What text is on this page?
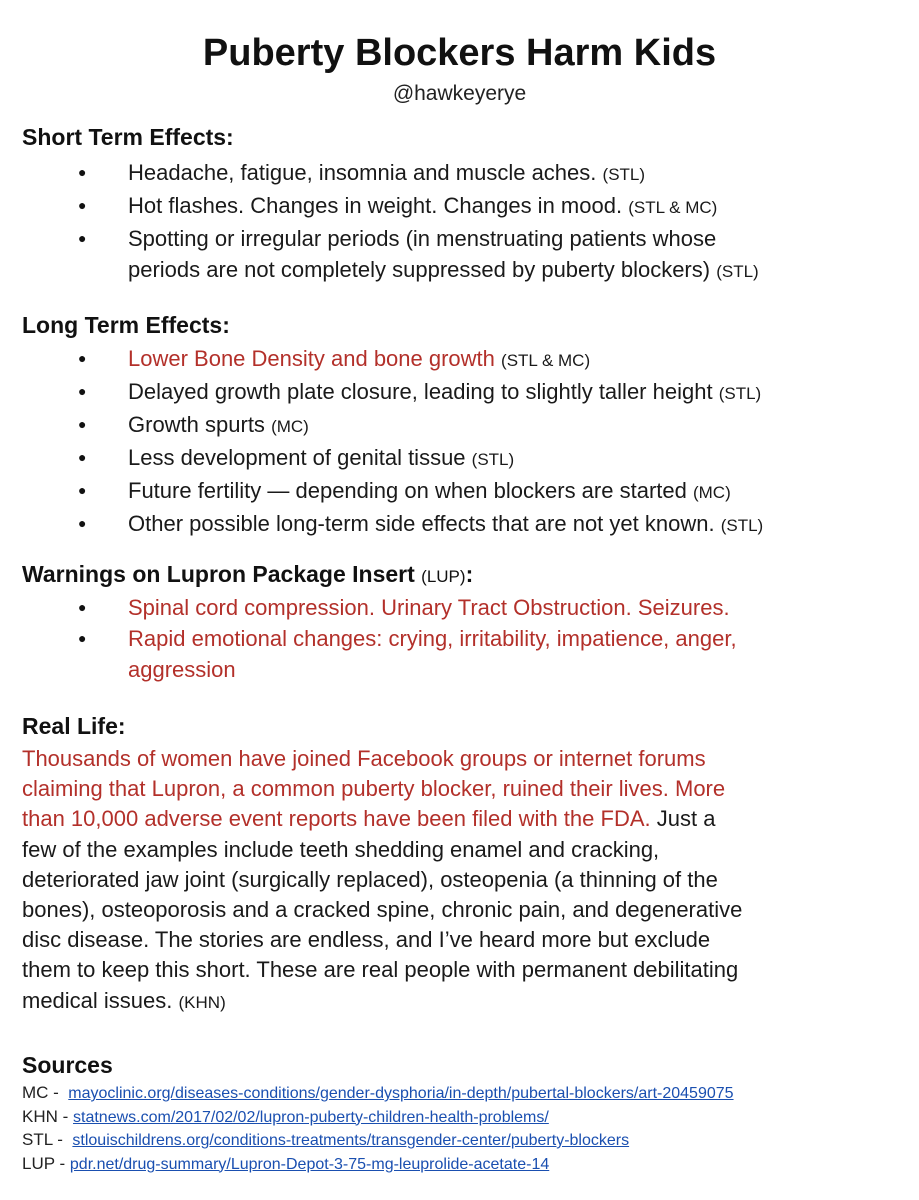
Puberty Blockers Harm Kids
@hawkeyerye
Short Term Effects:
● Headache, fatigue, insomnia and muscle aches. (STL)
● Hot flashes. Changes in weight. Changes in mood. (STL & MC)
● Spotting or irregular periods (in menstruating patients whose
periods are not completely suppressed by puberty blockers) (STL)
Long Term Effects:
● Lower Bone Density and bone growth (STL & MC)
● Delayed growth plate closure, leading to slightly taller height (STL)
● Growth spurts (MC)
● Less development of genital tissue (STL)
● Future fertility — depending on when blockers are started (MC)
● Other possible long-term side effects that are not yet known. (STL)
Warnings on Lupron Package Insert (LUP):
● Spinal cord compression. Urinary Tract Obstruction. Seizures.
● Rapid emotional changes: crying, irritability, impatience, anger,
aggression
Real Life:
Thousands of women have joined Facebook groups or internet forums
claiming that Lupron, a common puberty blocker, ruined their lives. More
than 10,000 adverse event reports have been filed with the FDA. Just a
few of the examples include teeth shedding enamel and cracking,
deteriorated jaw joint (surgically replaced), osteopenia (a thinning of the
bones), osteoporosis and a cracked spine, chronic pain, and degenerative
disc disease. The stories are endless, and I’ve heard more but exclude
them to keep this short. These are real people with permanent debilitating
medical issues. (KHN)
Sources
MC - mayoclinic.org/diseases-conditions/gender-dysphoria/in-depth/pubertal-blockers/art-20459075
KHN - statnews.com/2017/02/02/lupron-puberty-children-health-problems/
STL - stlouischildrens.org/conditions-treatments/transgender-center/puberty-blockers
LUP - pdr.net/drug-summary/Lupron-Depot-3-75-mg-leuprolide-acetate-14
